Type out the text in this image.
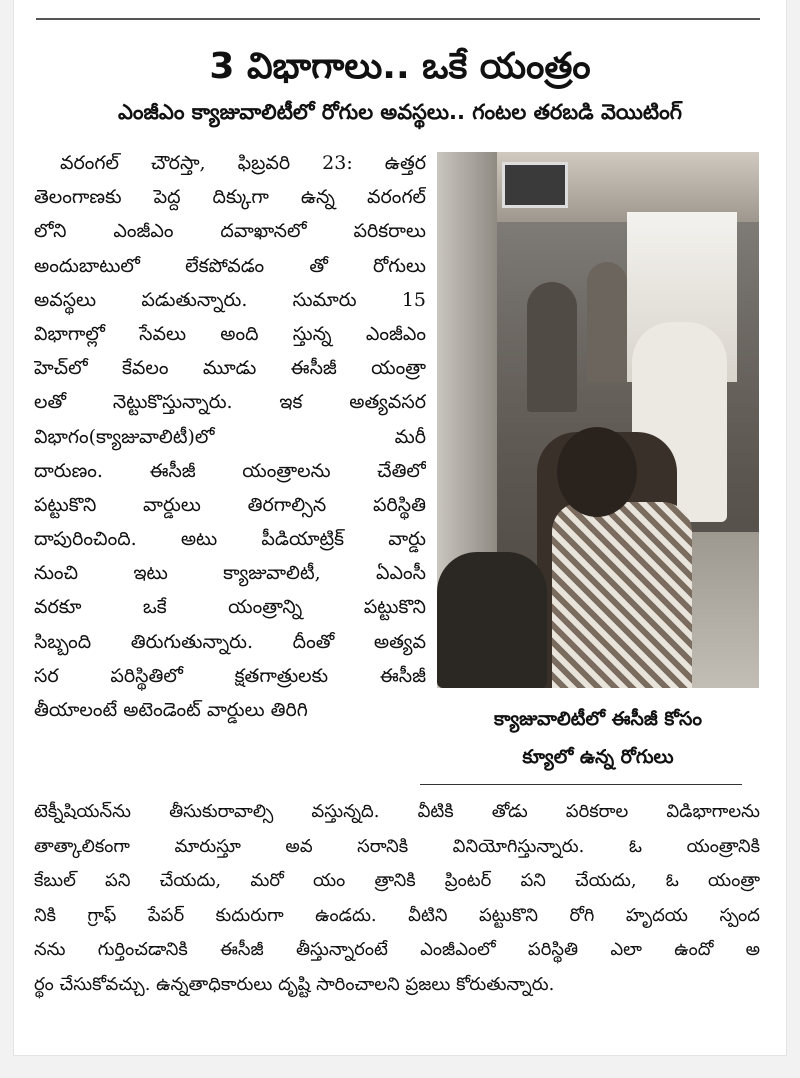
3 విభాగాలు.. ఒకే యంత్రం
ఎంజీఎం క్యాజువాలిటీలో రోగుల అవస్థలు.. గంటల తరబడి వెయిటింగ్
వరంగల్ చౌరస్తా, ఫిబ్రవరి 23: ఉత్తర
తెలంగాణకు పెద్ద దిక్కుగా ఉన్న వరంగల్
లోని ఎంజీఎం దవాఖానలో పరికరాలు
అందుబాటులో లేకపోవడం తో రోగులు
అవస్థలు పడుతున్నారు. సుమారు 15
విభాగాల్లో సేవలు అంది స్తున్న ఎంజీఎం
హెచ్‌లో కేవలం మూడు ఈసీజీ యంత్రా
లతో నెట్టుకొస్తున్నారు. ఇక అత్యవసర
విభాగం(క్యాజువాలిటీ)లో మరీ
దారుణం. ఈసీజీ యంత్రాలను చేతిలో
పట్టుకొని వార్డులు తిరగాల్సిన పరిస్థితి
దాపురించింది. అటు పీడియాట్రిక్ వార్డు
నుంచి ఇటు క్యాజువాలిటీ, ఏఎంసీ
వరకూ ఒకే యంత్రాన్ని పట్టుకొని
సిబ్బంది తిరుగుతున్నారు. దీంతో అత్యవ
సర పరిస్థితిలో క్షతగాత్రులకు ఈసీజీ
తీయాలంటే అటెండెంట్ వార్డులు తిరిగి	క్యాజువాలిటీలో ఈసీజీ కోసం
క్యూలో ఉన్న రోగులు
టెక్నీషియన్‌ను తీసుకురావాల్సి వస్తున్నది. వీటికి తోడు పరికరాల విడిభాగాలను
తాత్కాలికంగా మారుస్తూ అవ సరానికి వినియోగిస్తున్నారు. ఓ యంత్రానికి
కేబుల్ పని చేయదు, మరో యం త్రానికి ప్రింటర్ పని చేయదు, ఓ యంత్రా
నికి గ్రాఫ్ పేపర్ కుదురుగా ఉండదు. వీటిని పట్టుకొని రోగి హృదయ స్పంద
నను గుర్తించడానికి ఈసీజీ తీస్తున్నారంటే ఎంజీఎంలో పరిస్థితి ఎలా ఉందో అ
ర్థం చేసుకోవచ్చు. ఉన్నతాధికారులు దృష్టి సారించాలని ప్రజలు కోరుతున్నారు.
